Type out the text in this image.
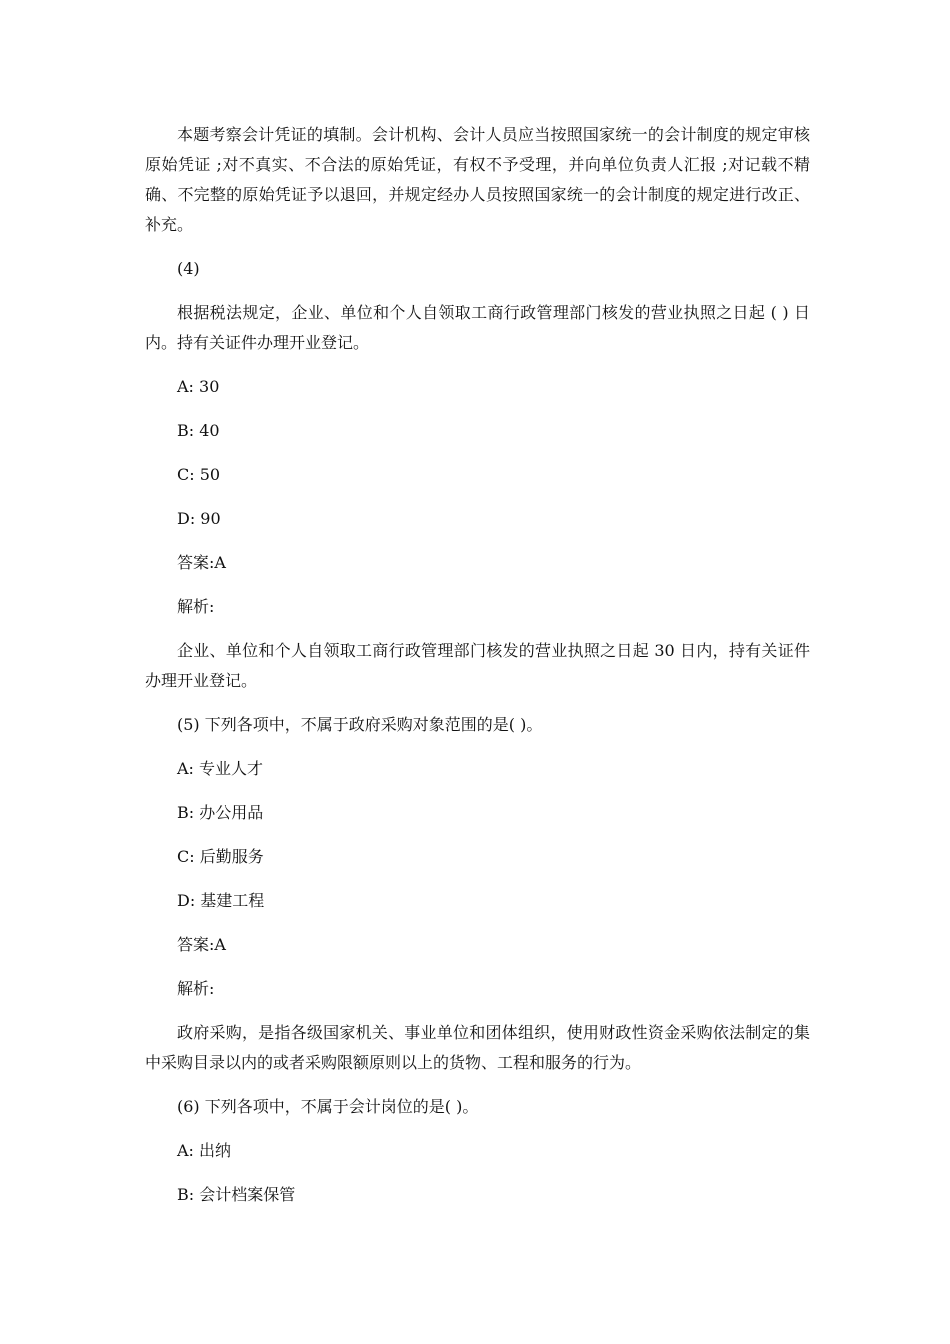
本题考察会计凭证的填制。会计机构、会计人员应当按照国家统一的会计制度的规定审核原始凭证 ;对不真实、不合法的原始凭证，有权不予受理，并向单位负责人汇报 ;对记载不精确、不完整的原始凭证予以退回，并规定经办人员按照国家统一的会计制度的规定进行改正、补充。

(4)

根据税法规定，企业、单位和个人自领取工商行政管理部门核发的营业执照之日起 ( ) 日内。持有关证件办理开业登记。

A: 30

B: 40

C: 50

D: 90

答案:A

解析:

企业、单位和个人自领取工商行政管理部门核发的营业执照之日起 30 日内，持有关证件办理开业登记。

(5) 下列各项中，不属于政府采购对象范围的是( )。

A: 专业人才

B: 办公用品

C: 后勤服务

D: 基建工程

答案:A

解析:

政府采购，是指各级国家机关、事业单位和团体组织，使用财政性资金采购依法制定的集中采购目录以内的或者采购限额原则以上的货物、工程和服务的行为。

(6) 下列各项中，不属于会计岗位的是( )。

A: 出纳

B: 会计档案保管
